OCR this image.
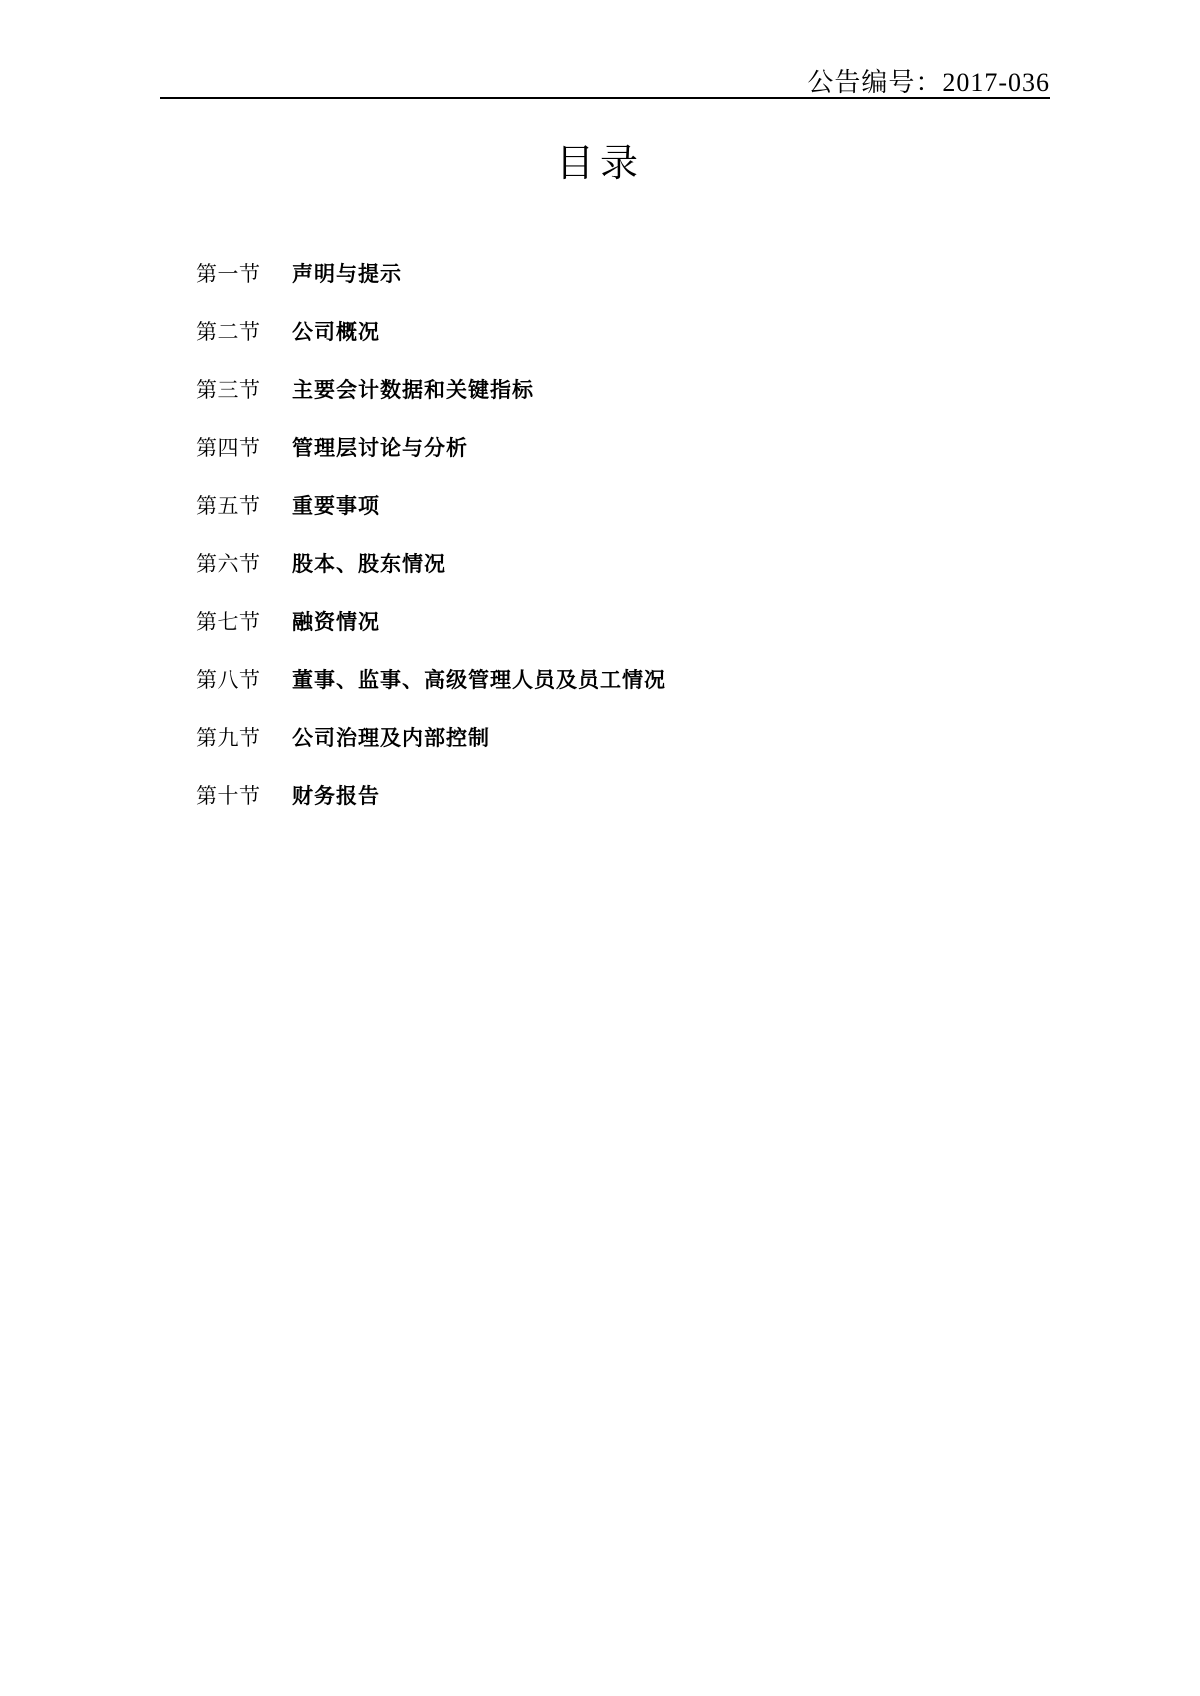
公告编号：2017-036
目录
第一节	声明与提示
第二节	公司概况
第三节	主要会计数据和关键指标
第四节	管理层讨论与分析
第五节	重要事项
第六节	股本、股东情况
第七节	融资情况
第八节	董事、监事、高级管理人员及员工情况
第九节	公司治理及内部控制
第十节	财务报告
